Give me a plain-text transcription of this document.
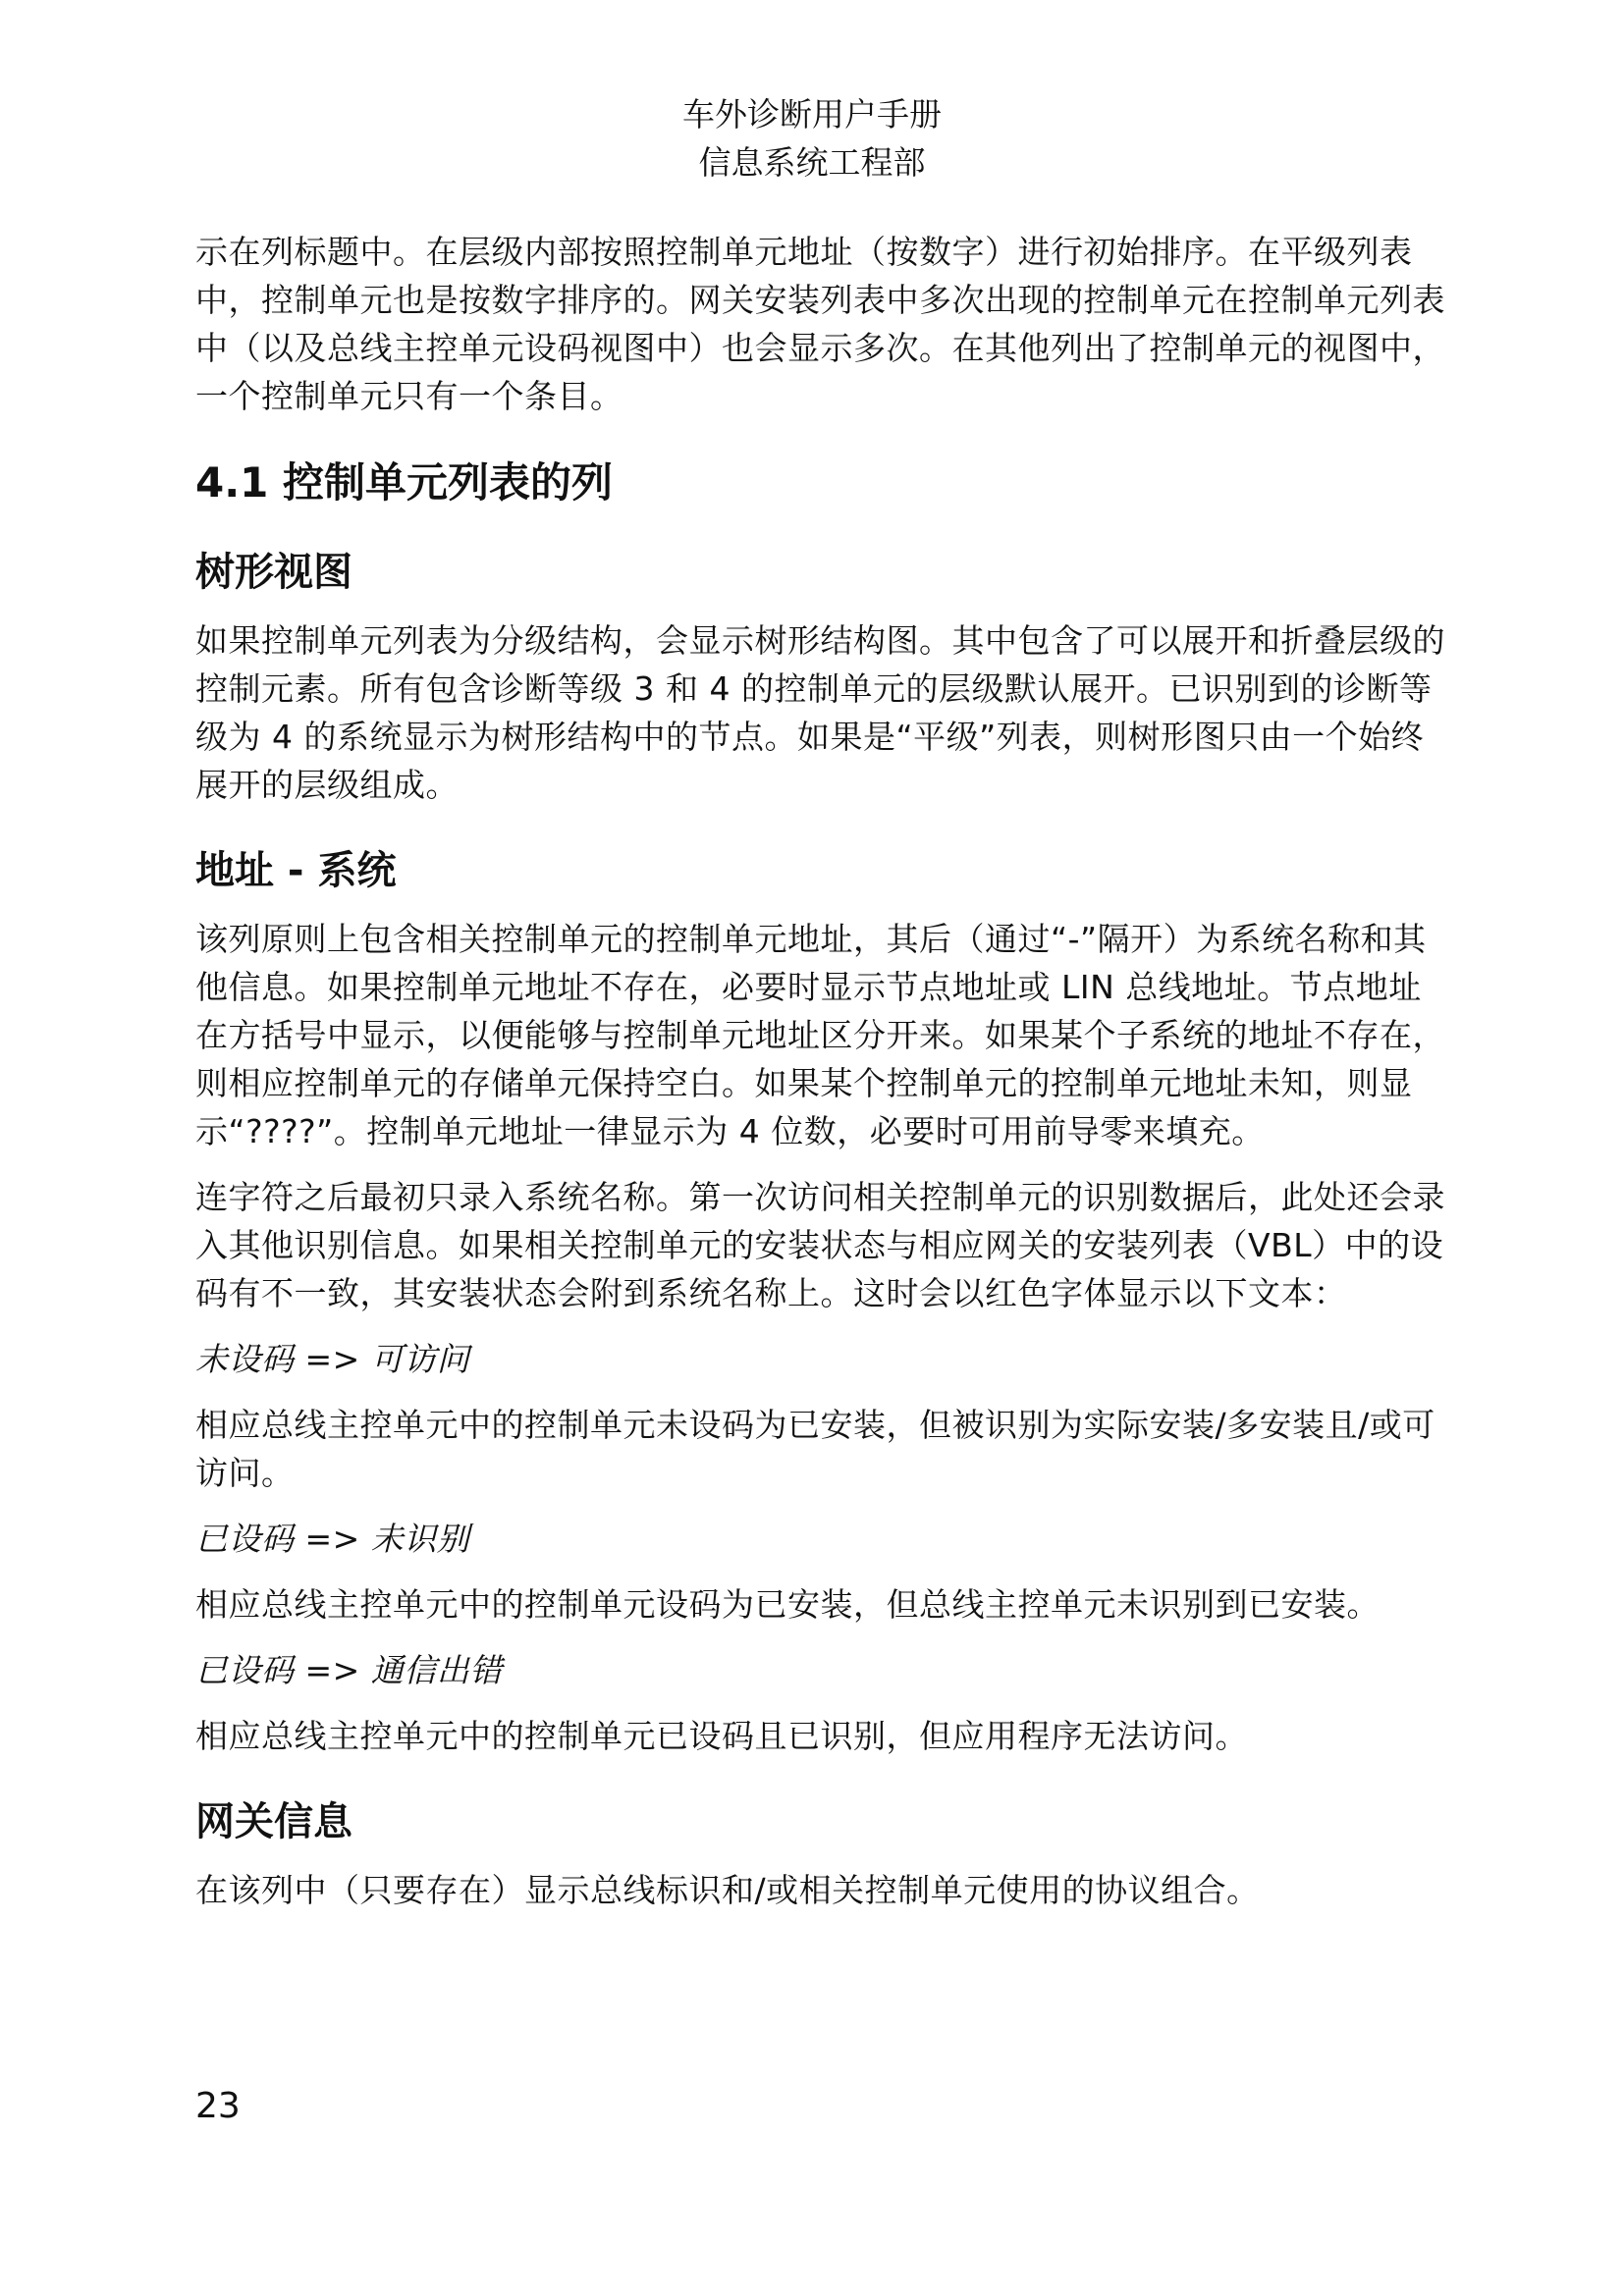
车外诊断用户手册
信息系统工程部

示在列标题中。在层级内部按照控制单元地址（按数字）进行初始排序。在平级列表中，控制单元也是按数字排序的。网关安装列表中多次出现的控制单元在控制单元列表中（以及总线主控单元设码视图中）也会显示多次。在其他列出了控制单元的视图中，一个控制单元只有一个条目。

4.1 控制单元列表的列
树形视图

如果控制单元列表为分级结构，会显示树形结构图。其中包含了可以展开和折叠层级的控制元素。所有包含诊断等级 3 和 4 的控制单元的层级默认展开。已识别到的诊断等级为 4 的系统显示为树形结构中的节点。如果是“平级”列表，则树形图只由一个始终展开的层级组成。

地址 - 系统

该列原则上包含相关控制单元的控制单元地址，其后（通过“-”隔开）为系统名称和其他信息。如果控制单元地址不存在，必要时显示节点地址或 LIN 总线地址。节点地址在方括号中显示，以便能够与控制单元地址区分开来。如果某个子系统的地址不存在，则相应控制单元的存储单元保持空白。如果某个控制单元的控制单元地址未知，则显示“????”。控制单元地址一律显示为 4 位数，必要时可用前导零来填充。

连字符之后最初只录入系统名称。第一次访问相关控制单元的识别数据后，此处还会录入其他识别信息。如果相关控制单元的安装状态与相应网关的安装列表（VBL）中的设码有不一致，其安装状态会附到系统名称上。这时会以红色字体显示以下文本：

未设码 => 可访问

相应总线主控单元中的控制单元未设码为已安装，但被识别为实际安装/多安装且/或可访问。

已设码 => 未识别

相应总线主控单元中的控制单元设码为已安装，但总线主控单元未识别到已安装。

已设码 => 通信出错

相应总线主控单元中的控制单元已设码且已识别，但应用程序无法访问。

网关信息

在该列中（只要存在）显示总线标识和/或相关控制单元使用的协议组合。

23
